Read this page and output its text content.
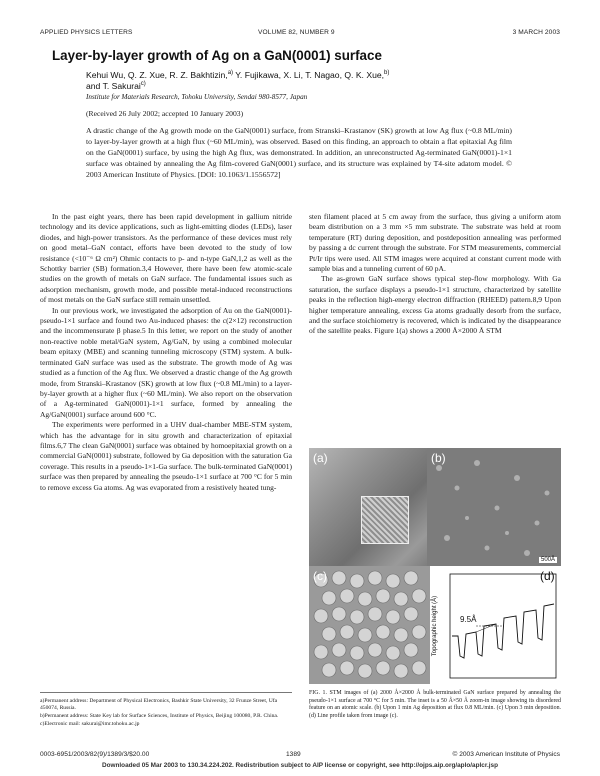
APPLIED PHYSICS LETTERS	VOLUME 82, NUMBER 9	3 MARCH 2003
Layer-by-layer growth of Ag on a GaN(0001) surface
Kehui Wu, Q. Z. Xue, R. Z. Bakhtizin,$^{a)}$ Y. Fujikawa, X. Li, T. Nagao, Q. K. Xue,$^{b)}$
and T. Sakurai$^{c)}$
Institute for Materials Research, Tohoku University, Sendai 980-8577, Japan
(Received 26 July 2002; accepted 10 January 2003)
A drastic change of the Ag growth mode on the GaN(0001) surface, from Stranski–Krastanov (SK) growth at low Ag flux (~0.8 ML/min) to layer-by-layer growth at a high flux (~60 ML/min), was observed. Based on this finding, an approach to obtain a flat epitaxial Ag film on the GaN(0001) surface, by using the high Ag flux, was demonstrated. In addition, an unreconstructed Ag-terminated GaN(0001)-1×1 surface was obtained by annealing the Ag film-covered GaN(0001) surface, and its structure was explained by T4-site adatom model. © 2003 American Institute of Physics. [DOI: 10.1063/1.1556572]

In the past eight years, there has been rapid development in gallium nitride technology and its device applications, such as light-emitting diodes (LEDs), laser diodes, and high-power transistors. As the performance of these devices must rely on good metal–GaN contact, efforts have been devoted to the study of low resistance (<10⁻⁶ Ω cm²) Ohmic contacts to p- and n-type GaN,1,2 as well as the Schottky barrier (SB) formation.3,4 However, there have been few atomic-scale studies on the growth of metals on GaN surface. The fundamental issues such as adsorption mechanism, growth mode, and possible metal-induced reconstructions of most metals on the GaN surface still remain unsettled.

In our previous work, we investigated the adsorption of Au on the GaN(0001)-pseudo-1×1 surface and found two Au-induced phases: the c(2×12) reconstruction and the incommensurate β phase.5 In this letter, we report on the study of another non-reactive noble metal/GaN system, Ag/GaN, by using a combined molecular beam epitaxy (MBE) and scanning tunneling microscopy (STM) system. A bulk-terminated GaN surface was used as the substrate. The growth mode of Ag was studied as a function of the Ag flux. We observed a drastic change of the Ag growth mode, from Stranski–Krastanov (SK) growth at low flux (~0.8 ML/min) to a layer-by-layer growth at a higher flux (~60 ML/min). We also report on the observation of a Ag-terminated GaN(0001)-1×1 surface, formed by annealing the Ag/GaN(0001) surface around 600 °C.

The experiments were performed in a UHV dual-chamber MBE-STM system, which has the advantage for in situ growth and characterization of epitaxial films.6,7 The clean GaN(0001) surface was obtained by homoepitaxial growth on a commercial GaN(0001) substrate, followed by Ga deposition with the saturation Ga coverage. This results in a pseudo-1×1-Ga surface. The bulk-terminated GaN(0001) surface was then prepared by annealing the pseudo-1×1 surface at 700 °C for 5 min to remove excess Ga atoms. Ag was evaporated from a resistively heated tung-

sten filament placed at 5 cm away from the surface, thus giving a uniform atom beam distribution on a 3 mm ×5 mm substrate. The substrate was held at room temperature (RT) during deposition, and postdeposition annealing was performed by passing a dc current through the substrate. For STM measurements, commercial Pt/Ir tips were used. All STM images were acquired at constant current mode with sample bias and a tunneling current of 60 pA.

The as-grown GaN surface shows typical step-flow morphology. With Ga saturation, the surface displays a pseudo-1×1 structure, characterized by satellite peaks in the reflection high-energy electron diffraction (RHEED) pattern.8,9 Upon higher temperature annealing, excess Ga atoms gradually desorb from the surface, and the surface stoichiometry is recovered, which is indicated by the disappearance of the satellite peaks. Figure 1(a) shows a 2000 Å×2000 Å STM

(a)	(b)
500Å
(c)
Topographic height (Å)	9.5Å
(d)

a)Permanent address: Department of Physical Electronics, Bashkir State University, 32 Frunze Street, Ufa 450074, Russia.

b)Permanent address: State Key lab for Surface Sciences, Institute of Physics, Beijing 100080, P.R. China.

c)Electronic mail: sakurai@imr.tohoku.ac.jp

FIG. 1. STM images of (a) 2000 Å×2000 Å bulk-terminated GaN surface prepared by annealing the pseudo-1×1 surface at 700 °C for 5 min. The inset is a 50 Å×50 Å zoom-in image showing its disordered feature on an atomic scale. (b) Upon 1 min Ag deposition at flux 0.8 ML/min. (c) Upon 3 min deposition. (d) Line profile taken from image (c).
0003-6951/2003/82(9)/1389/3/$20.00	1389	© 2003 American Institute of Physics
Downloaded 05 Mar 2003 to 130.34.224.202. Redistribution subject to AIP license or copyright, see http://ojps.aip.org/aplo/aplcr.jsp
